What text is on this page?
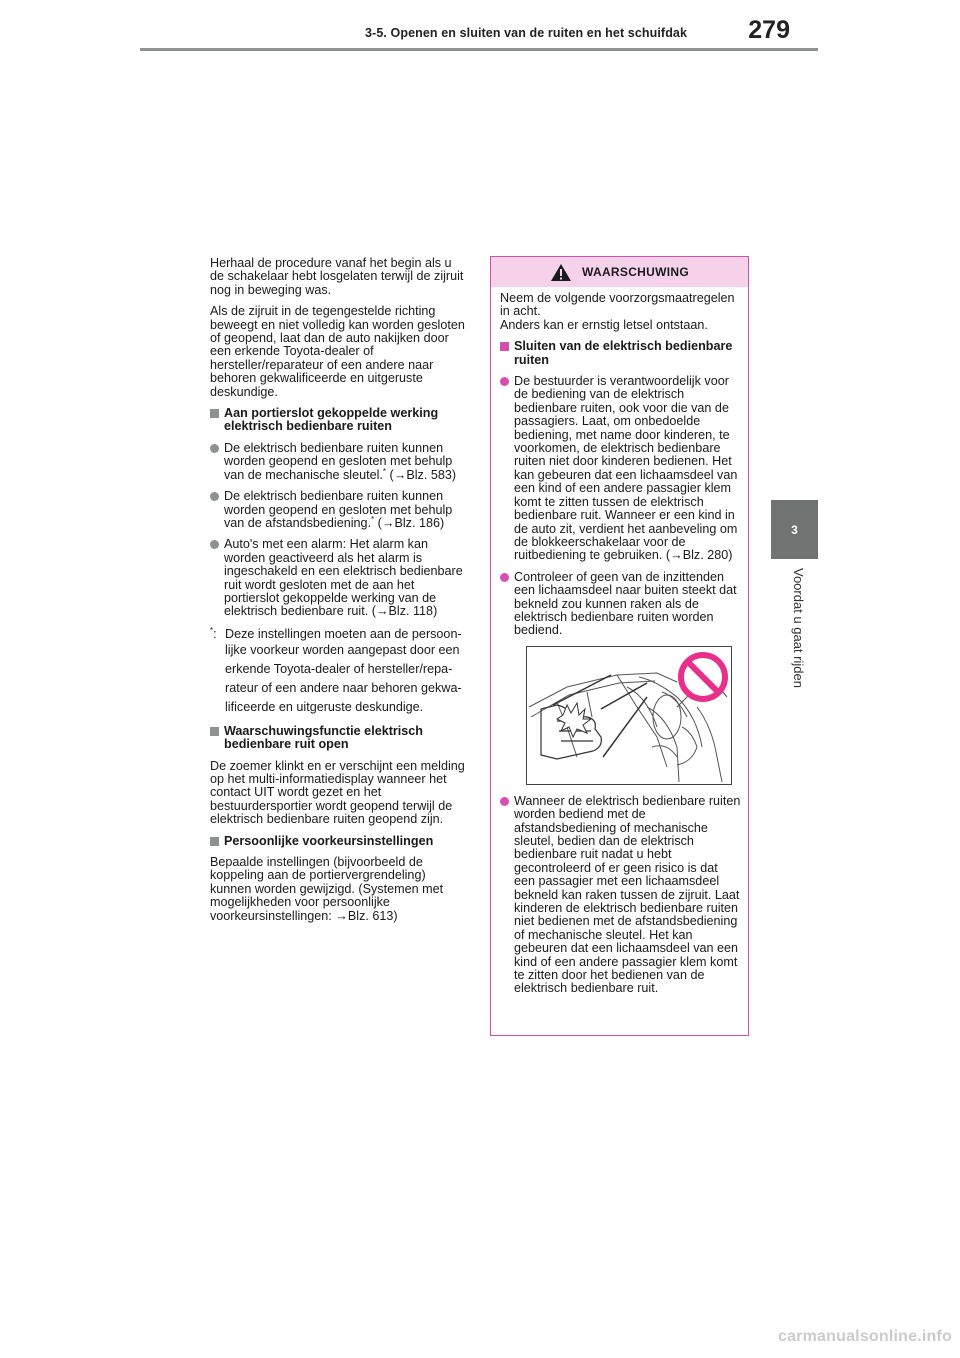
3-5. Openen en sluiten van de ruiten en het schuifdak	279
3
Voordat u gaat rijden

Herhaal de procedure vanaf het begin als u de schakelaar hebt losgelaten terwijl de zijruit nog in beweging was.

Als de zijruit in de tegengestelde richting beweegt en niet volledig kan worden gesloten of geopend, laat dan de auto nakijken door een erkende Toyota-dealer of hersteller/reparateur of een andere naar behoren gekwalificeerde en uitgeruste deskundige.

Aan portierslot gekoppelde werking elektrisch bedienbare ruiten
De elektrisch bedienbare ruiten kunnen worden geopend en gesloten met behulp van de mechanische sleutel.* (→Blz. 583)
De elektrisch bedienbare ruiten kunnen worden geopend en gesloten met behulp van de afstandsbediening.* (→Blz. 186)
Auto's met een alarm: Het alarm kan worden geactiveerd als het alarm is ingeschakeld en een elektrisch bedienbare ruit wordt gesloten met de aan het portierslot gekoppelde werking van de elektrisch bedienbare ruit. (→Blz. 118)
*: Deze instellingen moeten aan de persoon-
lijke voorkeur worden aangepast door een
erkende Toyota-dealer of hersteller/repa-
rateur of een andere naar behoren gekwa-
lificeerde en uitgeruste deskundige.
Waarschuwingsfunctie elektrisch bedienbare ruit open

De zoemer klinkt en er verschijnt een melding op het multi-informatiedisplay wanneer het contact UIT wordt gezet en het bestuurdersportier wordt geopend terwijl de elektrisch bedienbare ruiten geopend zijn.

Persoonlijke voorkeursinstellingen

Bepaalde instellingen (bijvoorbeeld de koppeling aan de portiervergrendeling) kunnen worden gewijzigd. (Systemen met mogelijkheden voor persoonlijke voorkeursinstellingen: →Blz. 613)

WAARSCHUWING

Neem de volgende voorzorgsmaatregelen in acht.

Anders kan er ernstig letsel ontstaan.

Sluiten van de elektrisch bedienbare ruiten
De bestuurder is verantwoordelijk voor de bediening van de elektrisch bedienbare ruiten, ook voor die van de passagiers. Laat, om onbedoelde bediening, met name door kinderen, te voorkomen, de elektrisch bedienbare ruiten niet door kinderen bedienen. Het kan gebeuren dat een lichaamsdeel van een kind of een andere passagier klem komt te zitten tussen de elektrisch bedienbare ruit. Wanneer er een kind in de auto zit, verdient het aanbeveling om de blokkeerschakelaar voor de ruitbediening te gebruiken. (→Blz. 280)
Controleer of geen van de inzittenden een lichaamsdeel naar buiten steekt dat bekneld zou kunnen raken als de elektrisch bedienbare ruiten worden bediend.
Wanneer de elektrisch bedienbare ruiten worden bediend met de afstandsbediening of mechanische sleutel, bedien dan de elektrisch bedienbare ruit nadat u hebt gecontroleerd of er geen risico is dat een passagier met een lichaamsdeel bekneld kan raken tussen de zijruit. Laat kinderen de elektrisch bedienbare ruiten niet bedienen met de afstandsbediening of mechanische sleutel. Het kan gebeuren dat een lichaamsdeel van een kind of een andere passagier klem komt te zitten door het bedienen van de elektrisch bedienbare ruit.
carmanualsonline.info
